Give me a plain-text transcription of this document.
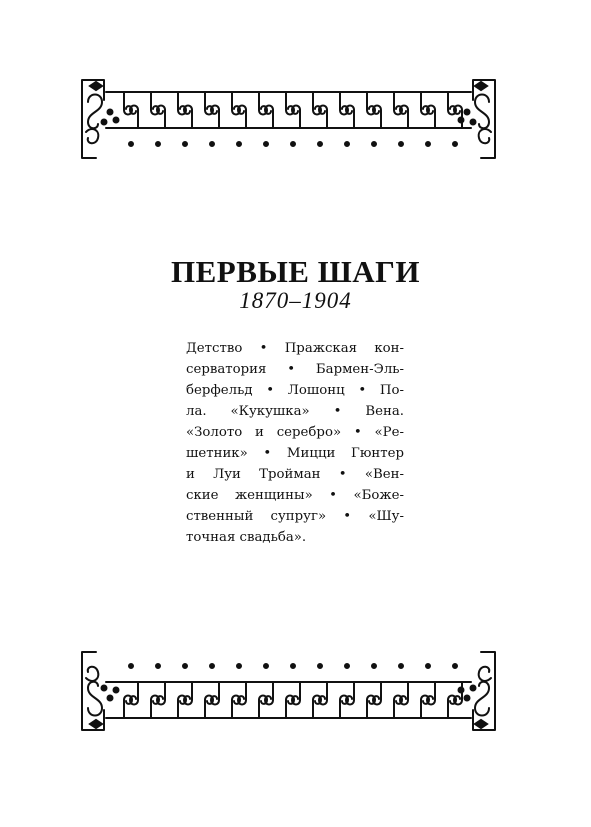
ПЕРВЫЕ ШАГИ
1870–1904
Детство • Пражская кон-
серватория • Бармен-Эль-
берфельд • Лошонц • По-
ла. «Кукушка» • Вена.
«Золото и серебро» • «Ре-
шетник» • Мицци Гюнтер
и Луи Тройман • «Вен-
ские женщины» • «Боже-
ственный супруг» • «Шу-
точная свадьба».
